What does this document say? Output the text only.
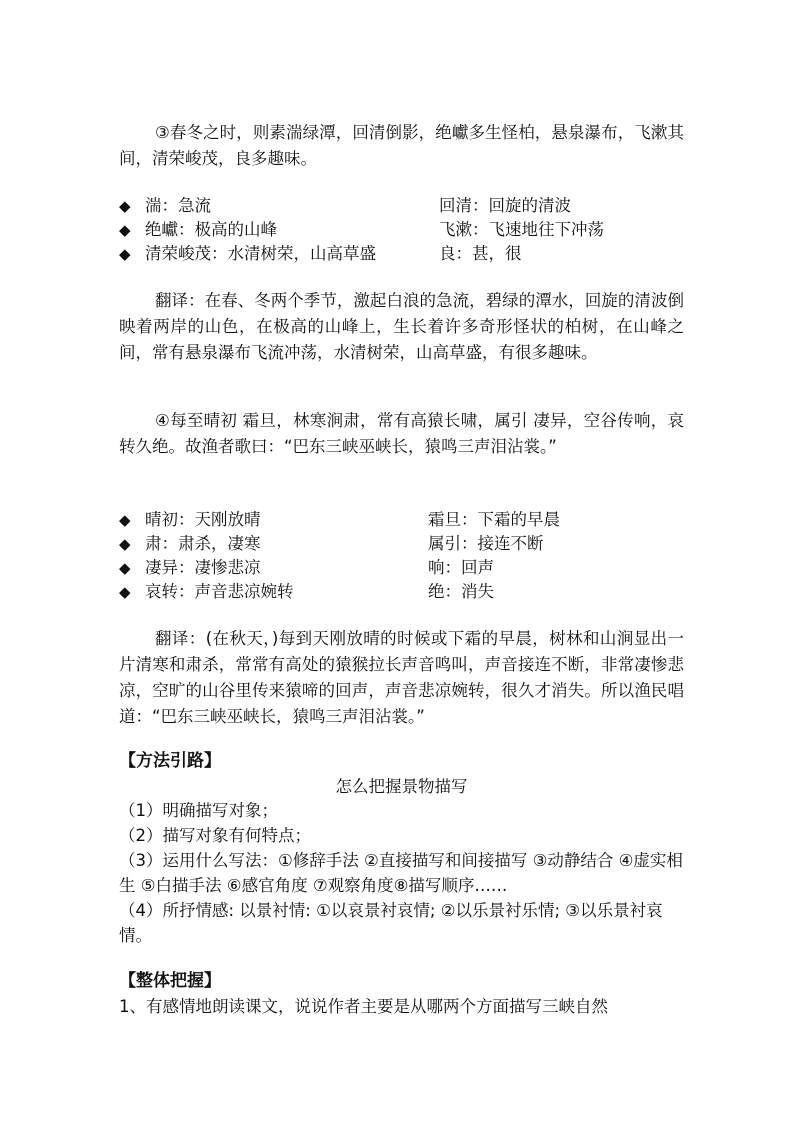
③春冬之时，则素湍绿潭，回清倒影，绝巘多生怪柏，悬泉瀑布，飞漱其间，清荣峻茂，良多趣味。
◆ 湍：急流	回清：回旋的清波
◆ 绝巘：极高的山峰	飞漱：飞速地往下冲荡
◆ 清荣峻茂：水清树荣，山高草盛	良：甚，很
翻译：在春、冬两个季节，激起白浪的急流，碧绿的潭水，回旋的清波倒映着两岸的山色，在极高的山峰上，生长着许多奇形怪状的柏树，在山峰之间，常有悬泉瀑布飞流冲荡，水清树荣，山高草盛，有很多趣味。
④每至晴初 霜旦，林寒涧肃，常有高猿长啸，属引 凄异，空谷传响，哀转久绝。故渔者歌曰：“巴东三峡巫峡长，猿鸣三声泪沾裳。”
◆ 晴初：天刚放晴	霜旦：下霜的早晨
◆ 肃：肃杀，凄寒	属引：接连不断
◆ 凄异：凄惨悲凉	响：回声
◆ 哀转：声音悲凉婉转	绝：消失
翻译：(在秋天，)每到天刚放晴的时候或下霜的早晨，树林和山涧显出一片清寒和肃杀，常常有高处的猿猴拉长声音鸣叫，声音接连不断，非常凄惨悲凉，空旷的山谷里传来猿啼的回声，声音悲凉婉转，很久才消失。所以渔民唱道：“巴东三峡巫峡长，猿鸣三声泪沾裳。”
【方法引路】
怎么把握景物描写
（1）明确描写对象；
（2）描写对象有何特点；
（3）运用什么写法：①修辞手法 ②直接描写和间接描写 ③动静结合 ④虚实相生 ⑤白描手法 ⑥感官角度 ⑦观察角度⑧描写顺序……
（4）所抒情感: 以景衬情: ①以哀景衬哀情; ②以乐景衬乐情; ③以乐景衬哀情。
【整体把握】
1、有感情地朗读课文，说说作者主要是从哪两个方面描写三峡自然
